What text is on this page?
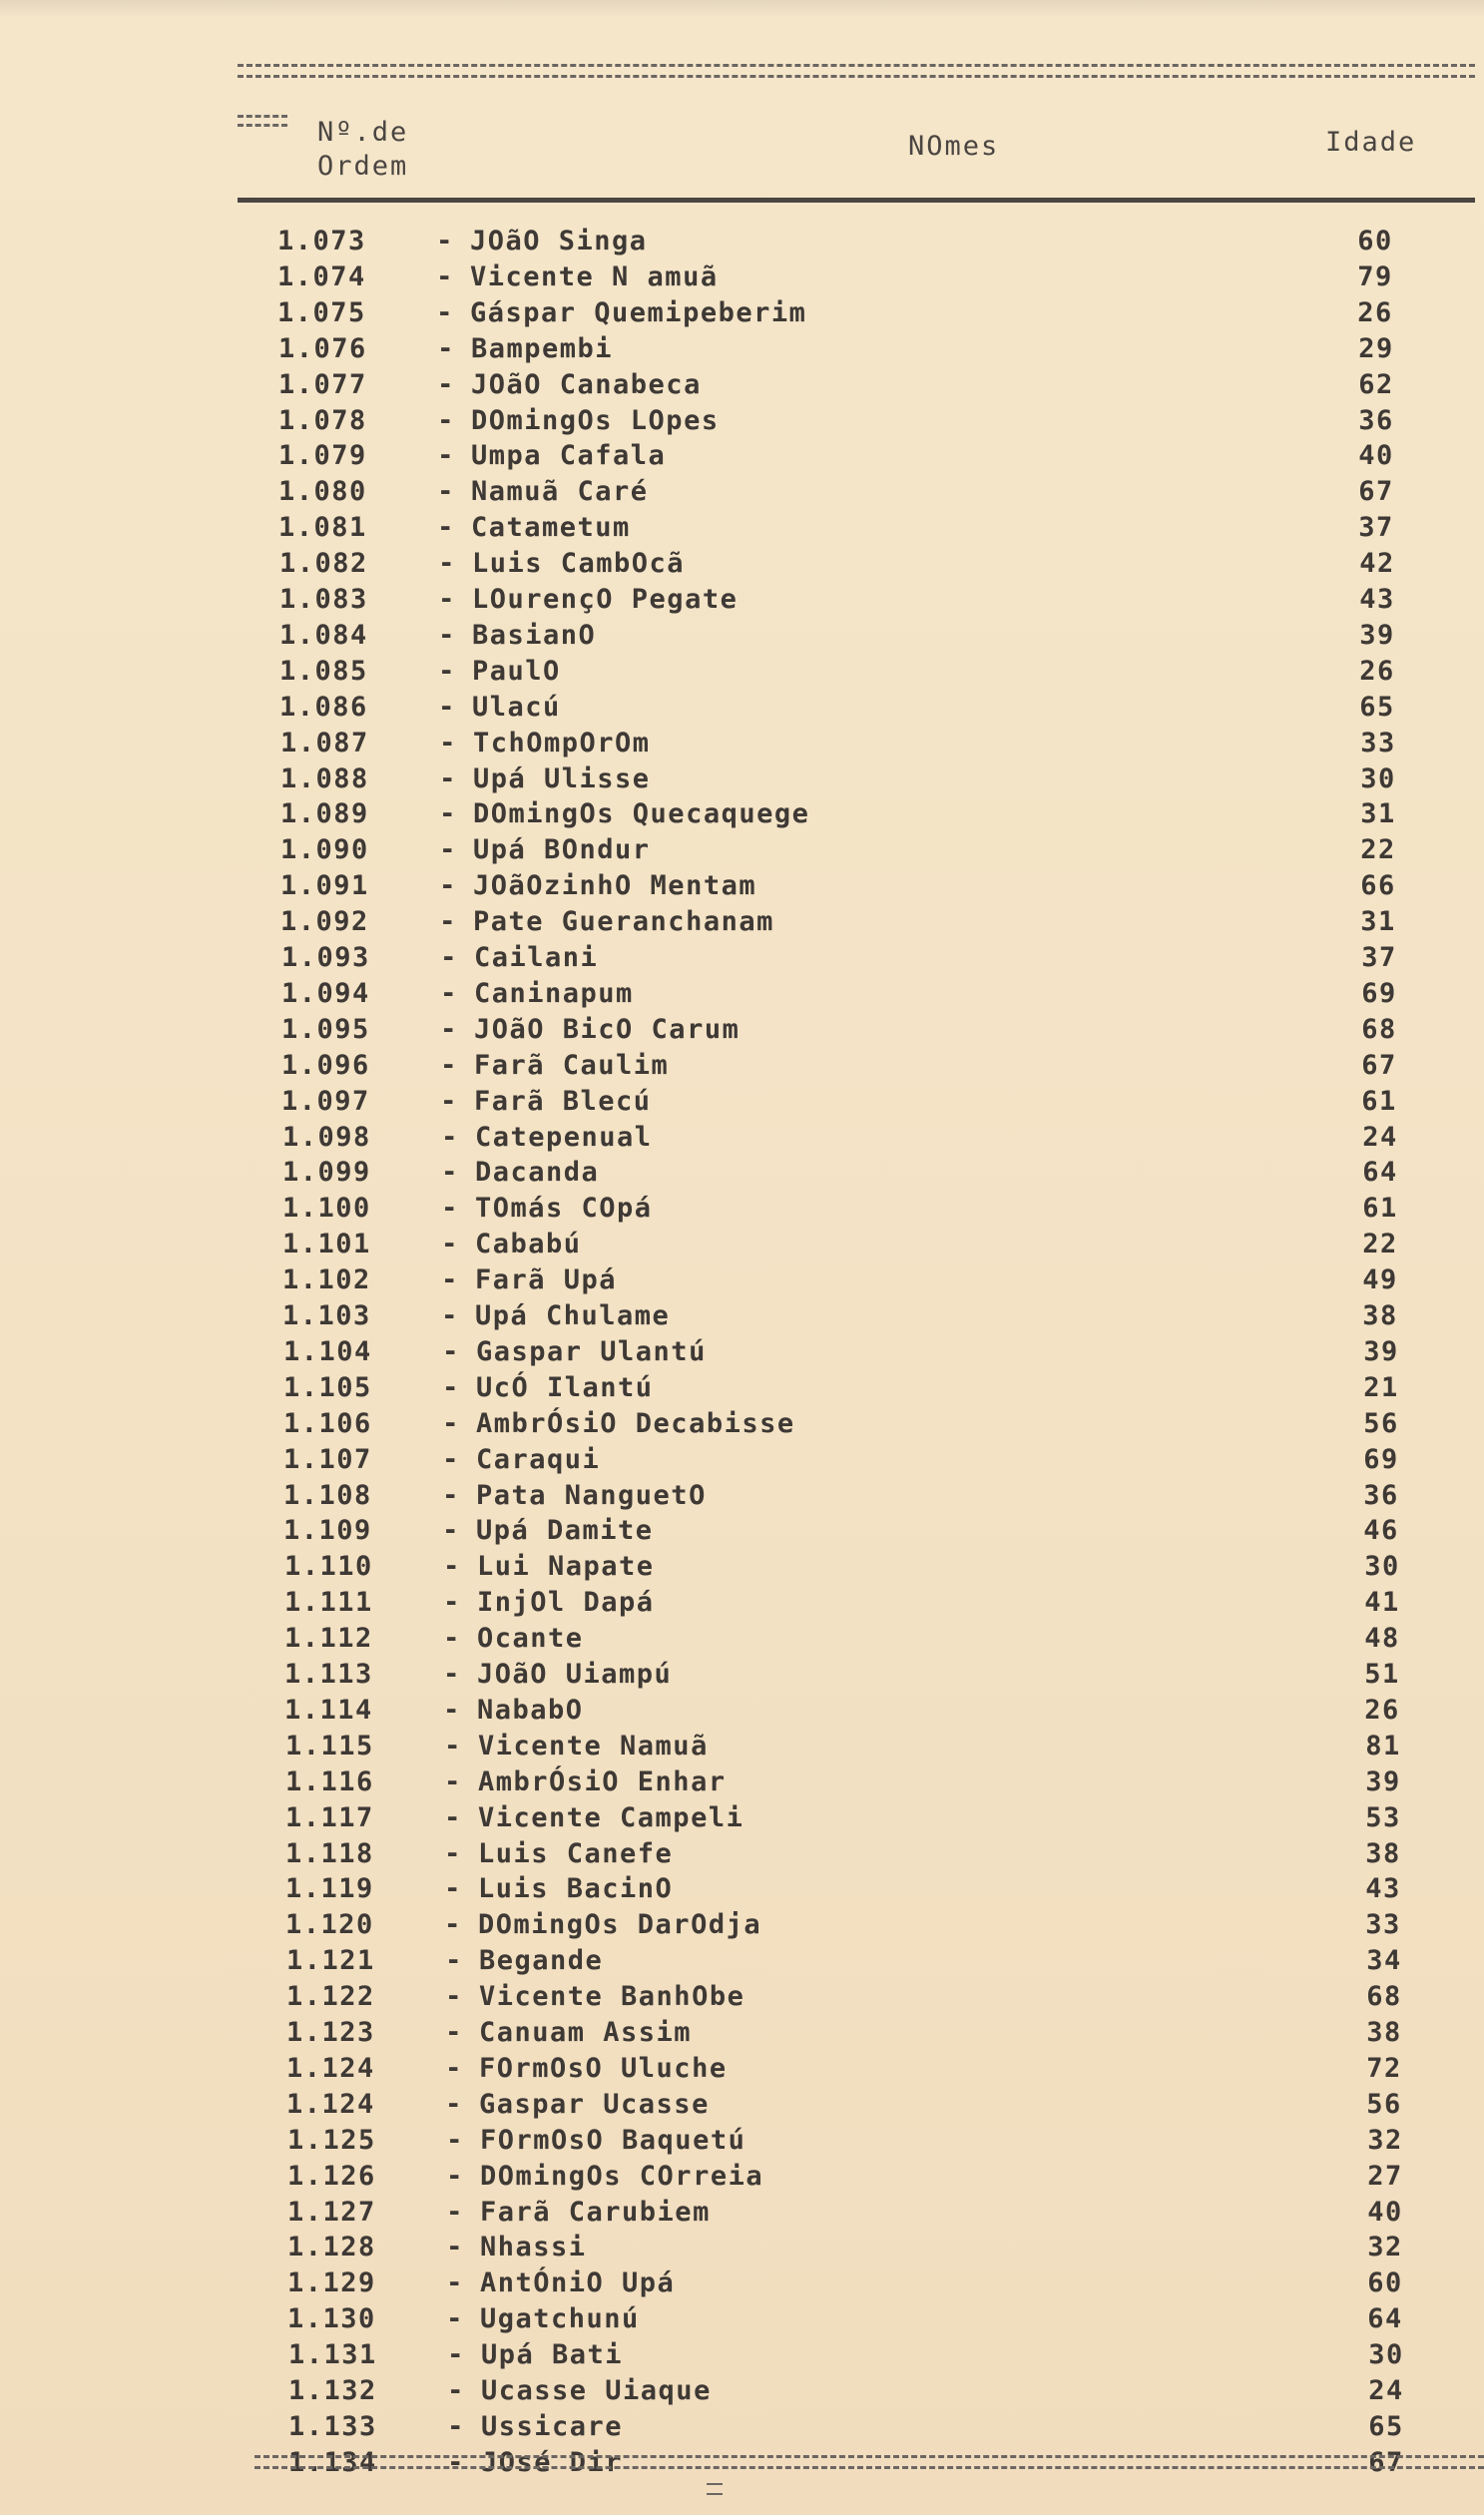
Nº.de
Ordem
NOmes	Idade
1.073	- JOãO Singa	60
1.074	- Vicente N amuã	79
1.075	- Gáspar Quemipeberim	26
1.076	- Bampembi	29
1.077	- JOãO Canabeca	62
1.078	- DOmingOs LOpes	36
1.079	- Umpa Cafala	40
1.080	- Namuã Caré	67
1.081	- Catametum	37
1.082	- Luis CambOcã	42
1.083	- LOurençO Pegate	43
1.084	- BasianO	39
1.085	- PaulO	26
1.086	- Ulacú	65
1.087	- TchOmpOrOm	33
1.088	- Upá Ulisse	30
1.089	- DOmingOs Quecaquege	31
1.090	- Upá BOndur	22
1.091	- JOãOzinhO Mentam	66
1.092	- Pate Gueranchanam	31
1.093	- Cailani	37
1.094	- Caninapum	69
1.095	- JOãO BicO Carum	68
1.096	- Farã Caulim	67
1.097	- Farã Blecú	61
1.098	- Catepenual	24
1.099	- Dacanda	64
1.100	- TOmás COpá	61
1.101	- Cababú	22
1.102	- Farã Upá	49
1.103	- Upá Chulame	38
1.104	- Gaspar Ulantú	39
1.105	- UcÓ Ilantú	21
1.106	- AmbrÓsiO Decabisse	56
1.107	- Caraqui	69
1.108	- Pata NanguetO	36
1.109	- Upá Damite	46
1.110	- Lui Napate	30
1.111	- InjOl Dapá	41
1.112	- Ocante	48
1.113	- JOãO Uiampú	51
1.114	- NababO	26
1.115	- Vicente Namuã	81
1.116	- AmbrÓsiO Enhar	39
1.117	- Vicente Campeli	53
1.118	- Luis Canefe	38
1.119	- Luis BacinO	43
1.120	- DOmingOs DarOdja	33
1.121	- Begande	34
1.122	- Vicente BanhObe	68
1.123	- Canuam Assim	38
1.124	- FOrmOsO Uluche	72
1.124	- Gaspar Ucasse	56
1.125	- FOrmOsO Baquetú	32
1.126	- DOmingOs COrreia	27
1.127	- Farã Carubiem	40
1.128	- Nhassi	32
1.129	- AntÓniO Upá	60
1.130	- Ugatchunú	64
1.131	- Upá Bati	30
1.132	- Ucasse Uiaque	24
1.133	- Ussicare	65
1.134	- JOsé Dir	67
